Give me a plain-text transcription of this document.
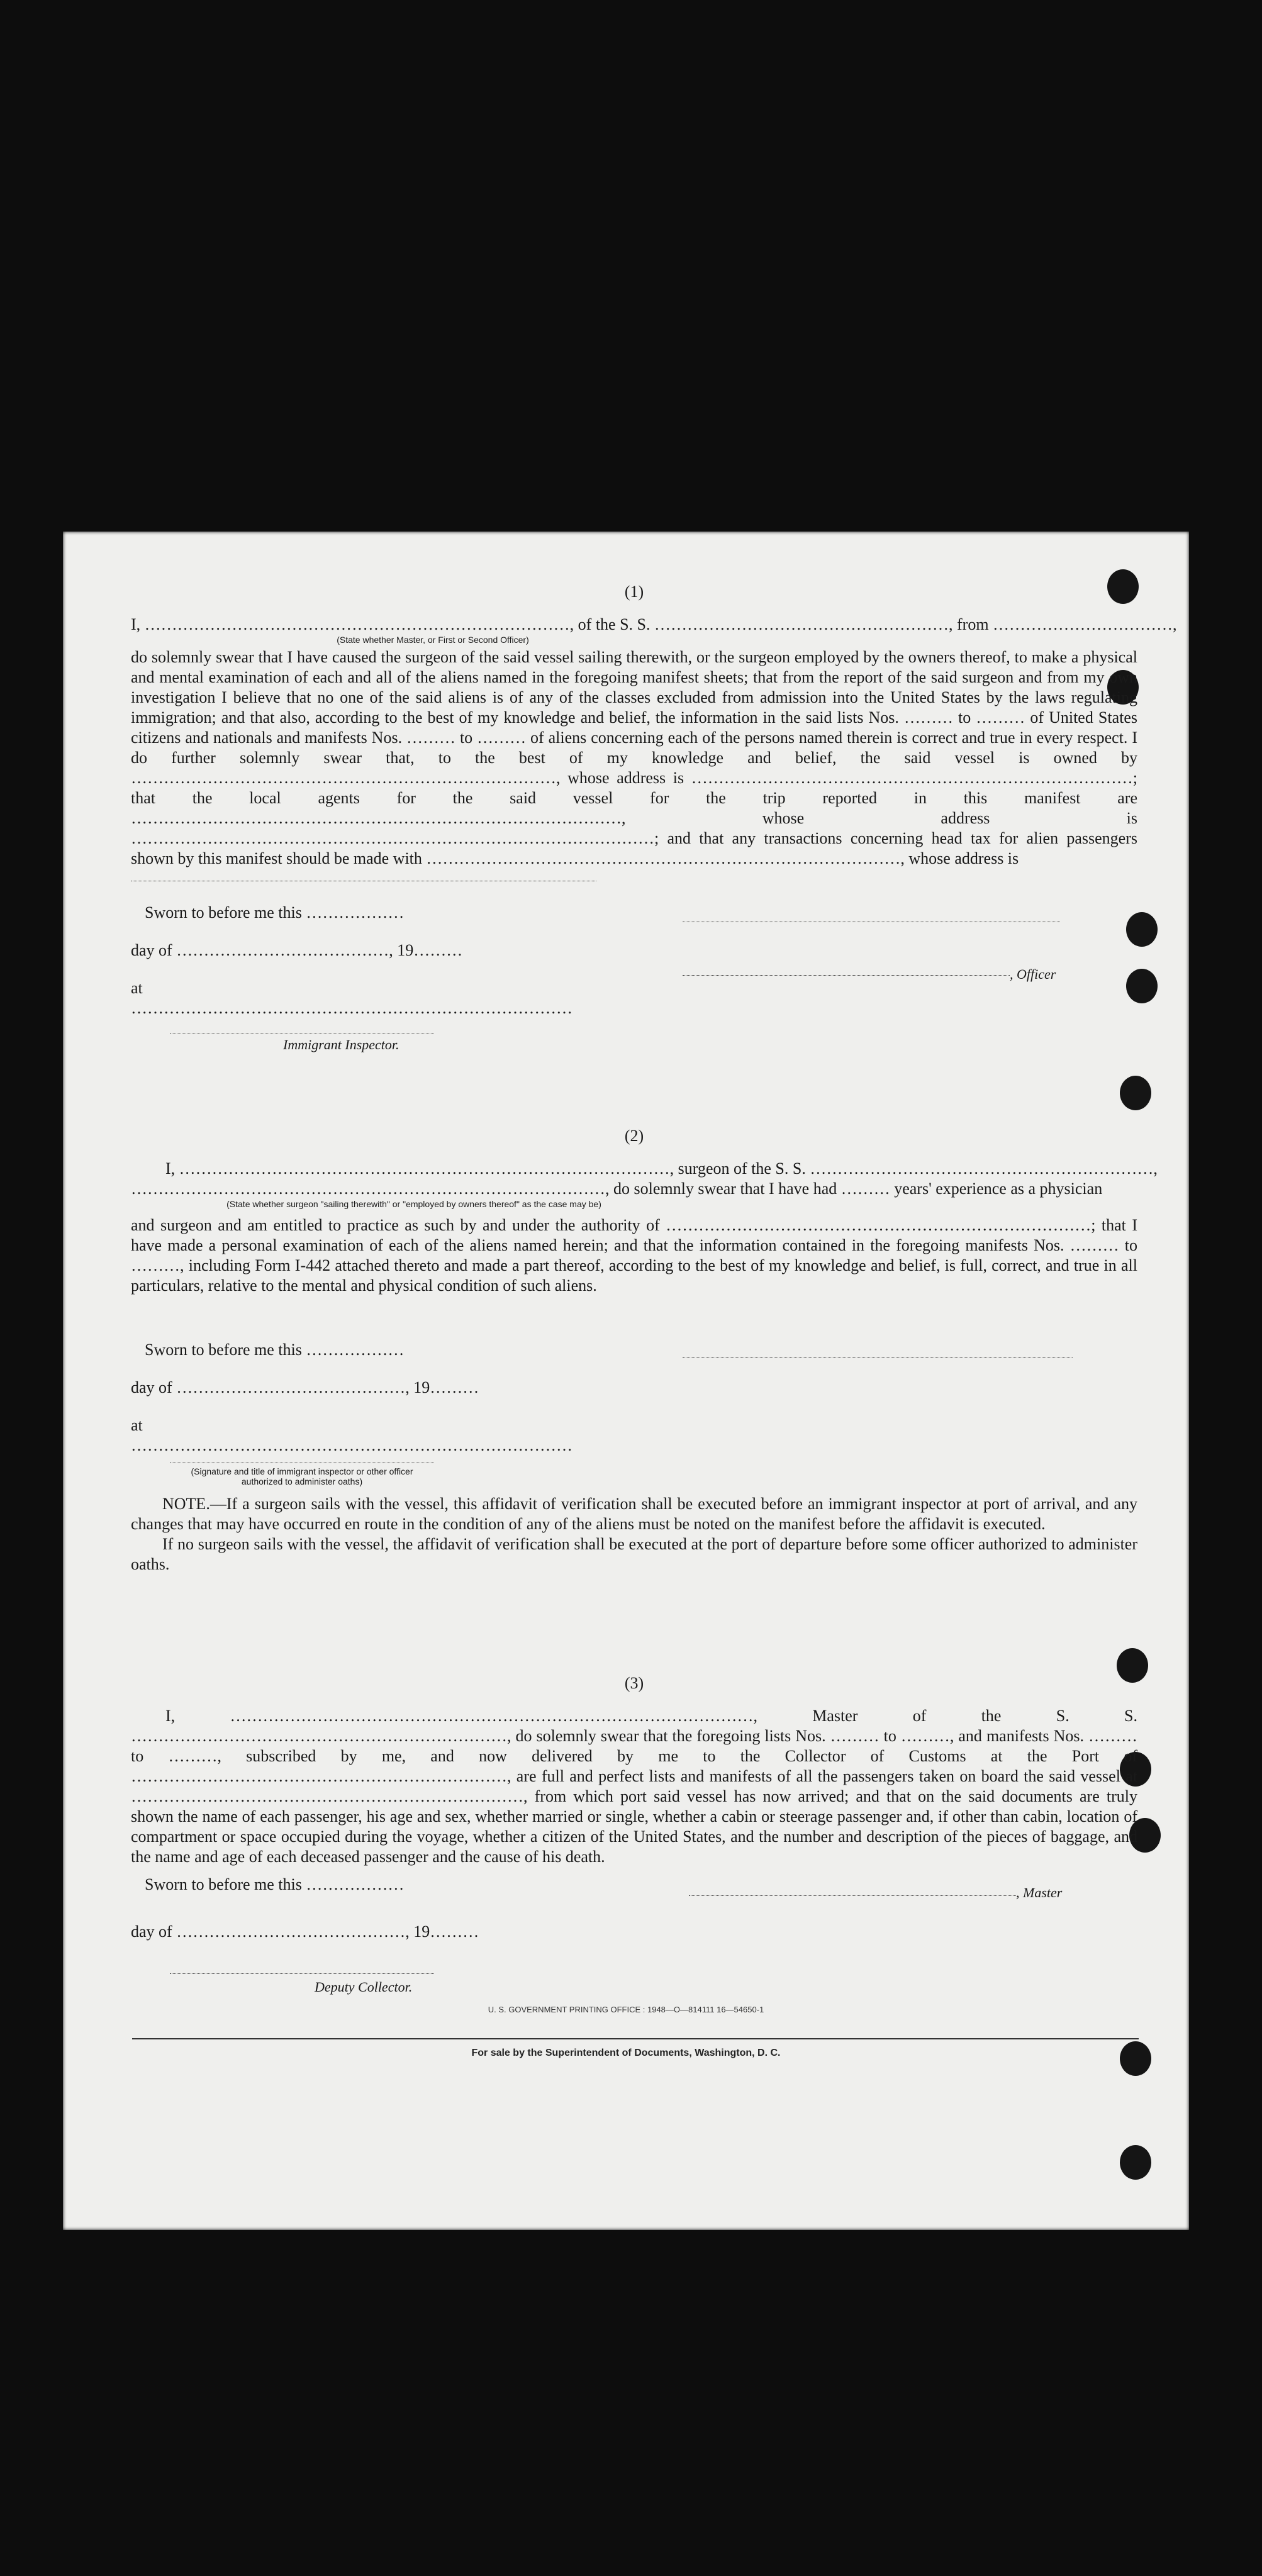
(1)
I, ……………………………………………………………………, of the S. S. ………………………………………………, from ……………………………,
(State whether Master, or First or Second Officer)
do solemnly swear that I have caused the surgeon of the said vessel sailing therewith, or the surgeon employed by the owners thereof, to make a physical and mental examination of each and all of the aliens named in the foregoing manifest sheets; that from the report of the said surgeon and from my own investigation I believe that no one of the said aliens is of any of the classes excluded from admission into the United States by the laws regulating immigration; and that also, according to the best of my knowledge and belief, the information in the said lists Nos. ……… to ……… of United States citizens and nationals and manifests Nos. ……… to ……… of aliens concerning each of the persons named therein is correct and true in every respect. I do further solemnly swear that, to the best of my knowledge and belief, the said vessel is owned by ……………………………………………………………………, whose address is ………………………………………………………………………; that the local agents for the said vessel for the trip reported in this manifest are ………………………………………………………………………………, whose address is ……………………………………………………………………………………; and that any transactions concerning head tax for alien passengers shown by this manifest should be made with ……………………………………………………………………………, whose address is
Sworn to before me this ………………
day of …………………………………, 19………
, Officer
at ………………………………………………………………………
Immigrant Inspector.
(2)
I, ………………………………………………………………………………, surgeon of the S. S. ………………………………………………………,
……………………………………………………………………………, do solemnly swear that I have had ……… years' experience as a physician
(State whether surgeon "sailing therewith" or "employed by owners thereof" as the case may be)
and surgeon and am entitled to practice as such by and under the authority of ……………………………………………………………………; that I have made a personal examination of each of the aliens named herein; and that the information contained in the foregoing manifests Nos. ……… to ………, including Form I-442 attached thereto and made a part thereof, according to the best of my knowledge and belief, is full, correct, and true in all particulars, relative to the mental and physical condition of such aliens.
Sworn to before me this ………………
day of ……………………………………, 19………
at ………………………………………………………………………
(Signature and title of immigrant inspector or other officer authorized to administer oaths)
NOTE.—If a surgeon sails with the vessel, this affidavit of verification shall be executed before an immigrant inspector at port of arrival, and any changes that may have occurred en route in the condition of any of the aliens must be noted on the manifest before the affidavit is executed.
If no surgeon sails with the vessel, the affidavit of verification shall be executed at the port of departure before some officer authorized to administer oaths.
(3)
I, ……………………………………………………………………………………, Master of the S. S. ……………………………………………………………, do solemnly swear that the foregoing lists Nos. ……… to ………, and manifests Nos. ……… to ………, subscribed by me, and now delivered by me to the Collector of Customs at the Port of ……………………………………………………………, are full and perfect lists and manifests of all the passengers taken on board the said vessel at ………………………………………………………………, from which port said vessel has now arrived; and that on the said documents are truly shown the name of each passenger, his age and sex, whether married or single, whether a cabin or steerage passenger and, if other than cabin, location of compartment or space occupied during the voyage, whether a citizen of the United States, and the number and description of the pieces of baggage, and the name and age of each deceased passenger and the cause of his death.
Sworn to before me this ………………	, Master
day of ……………………………………, 19………
Deputy Collector.
U. S. GOVERNMENT PRINTING OFFICE : 1948—O—814111 16—54650-1
For sale by the Superintendent of Documents, Washington, D. C.
